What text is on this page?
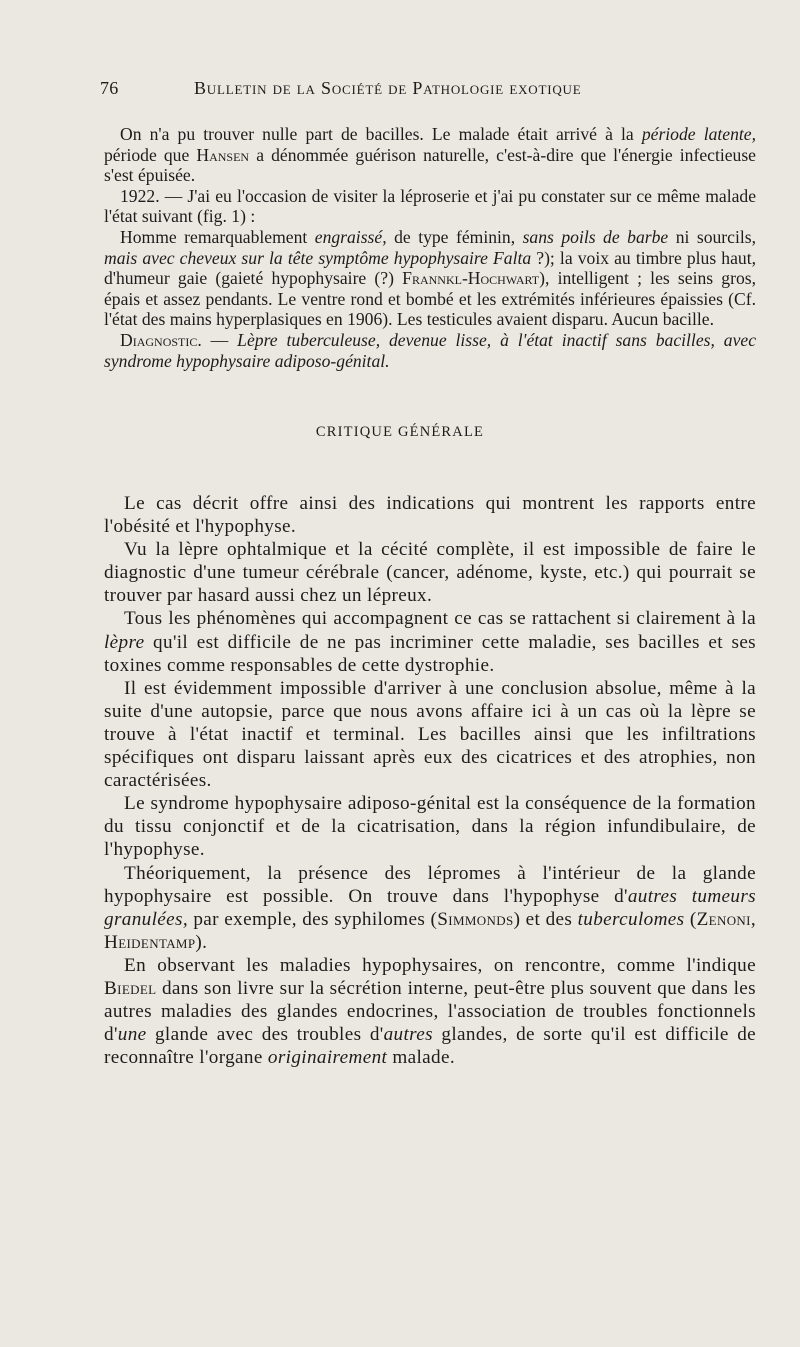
76	Bulletin de la Société de Pathologie exotique

On n'a pu trouver nulle part de bacilles. Le malade était arrivé à la période latente, période que Hansen a dénommée guérison naturelle, c'est-à-dire que l'énergie infectieuse s'est épuisée.

1922. — J'ai eu l'occasion de visiter la léproserie et j'ai pu constater sur ce même malade l'état suivant (fig. 1) :

Homme remarquablement engraissé, de type féminin, sans poils de barbe ni sourcils, mais avec cheveux sur la tête symptôme hypophysaire Falta ?); la voix au timbre plus haut, d'humeur gaie (gaieté hypophysaire (?) Frannkl-Hochwart), intelligent ; les seins gros, épais et assez pendants. Le ventre rond et bombé et les extrémités inférieures épaissies (Cf. l'état des mains hyperplasiques en 1906). Les testicules avaient disparu. Aucun bacille.

Diagnostic. — Lèpre tuberculeuse, devenue lisse, à l'état inactif sans bacilles, avec syndrome hypophysaire adiposo-génital.

CRITIQUE GÉNÉRALE

Le cas décrit offre ainsi des indications qui montrent les rapports entre l'obésité et l'hypophyse.

Vu la lèpre ophtalmique et la cécité complète, il est impossible de faire le diagnostic d'une tumeur cérébrale (cancer, adénome, kyste, etc.) qui pourrait se trouver par hasard aussi chez un lépreux.

Tous les phénomènes qui accompagnent ce cas se rattachent si clairement à la lèpre qu'il est difficile de ne pas incriminer cette maladie, ses bacilles et ses toxines comme responsables de cette dystrophie.

Il est évidemment impossible d'arriver à une conclusion absolue, même à la suite d'une autopsie, parce que nous avons affaire ici à un cas où la lèpre se trouve à l'état inactif et terminal. Les bacilles ainsi que les infiltrations spécifiques ont disparu laissant après eux des cicatrices et des atrophies, non caractérisées.

Le syndrome hypophysaire adiposo-génital est la conséquence de la formation du tissu conjonctif et de la cicatrisation, dans la région infundibulaire, de l'hypophyse.

Théoriquement, la présence des lépromes à l'intérieur de la glande hypophysaire est possible. On trouve dans l'hypophyse d'autres tumeurs granulées, par exemple, des syphilomes (Simmonds) et des tuberculomes (Zenoni, Heidentamp).

En observant les maladies hypophysaires, on rencontre, comme l'indique Biedel dans son livre sur la sécrétion interne, peut-être plus souvent que dans les autres maladies des glandes endocrines, l'association de troubles fonctionnels d'une glande avec des troubles d'autres glandes, de sorte qu'il est difficile de reconnaître l'organe originairement malade.
